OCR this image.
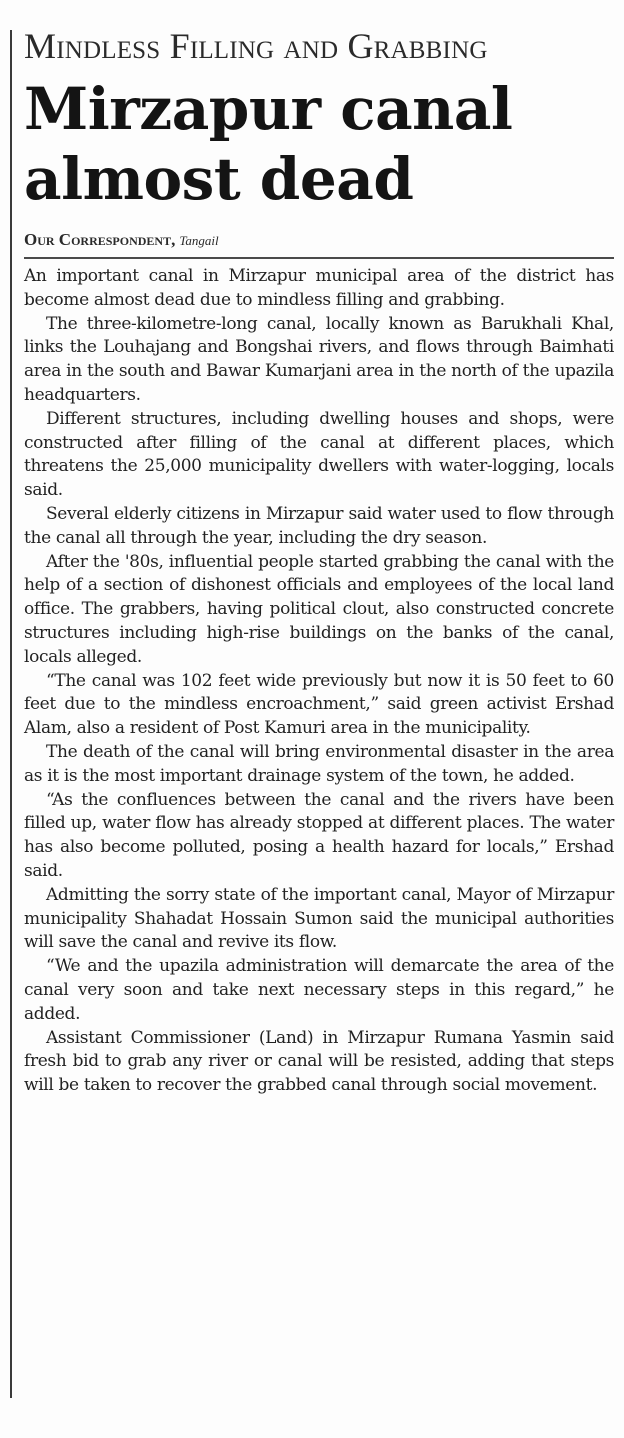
Mindless Filling and Grabbing
Mirzapur canal almost dead
Our Correspondent, Tangail

An important canal in Mirzapur municipal area of the district has become almost dead due to mindless filling and grabbing.

The three-kilometre-long canal, locally known as Barukhali Khal, links the Louhajang and Bongshai rivers, and flows through Baimhati area in the south and Bawar Kumarjani area in the north of the upazila headquarters.

Different structures, including dwelling houses and shops, were constructed after filling of the canal at different places, which threatens the 25,000 municipality dwellers with water-logging, locals said.

Several elderly citizens in Mirzapur said water used to flow through the canal all through the year, including the dry season.

After the '80s, influential people started grabbing the canal with the help of a section of dishonest officials and employees of the local land office. The grabbers, having political clout, also constructed concrete structures including high-rise buildings on the banks of the canal, locals alleged.

“The canal was 102 feet wide previously but now it is 50 feet to 60 feet due to the mindless encroachment,” said green activist Ershad Alam, also a resident of Post Kamuri area in the municipality.

The death of the canal will bring environmental disaster in the area as it is the most important drainage system of the town, he added.

“As the confluences between the canal and the rivers have been filled up, water flow has already stopped at different places. The water has also become polluted, posing a health hazard for locals,” Ershad said.

Admitting the sorry state of the important canal, Mayor of Mirzapur municipality Shahadat Hossain Sumon said the municipal authorities will save the canal and revive its flow.

“We and the upazila administration will demarcate the area of the canal very soon and take next necessary steps in this regard,” he added.

Assistant Commissioner (Land) in Mirzapur Rumana Yasmin said fresh bid to grab any river or canal will be resisted, adding that steps will be taken to recover the grabbed canal through social movement.
